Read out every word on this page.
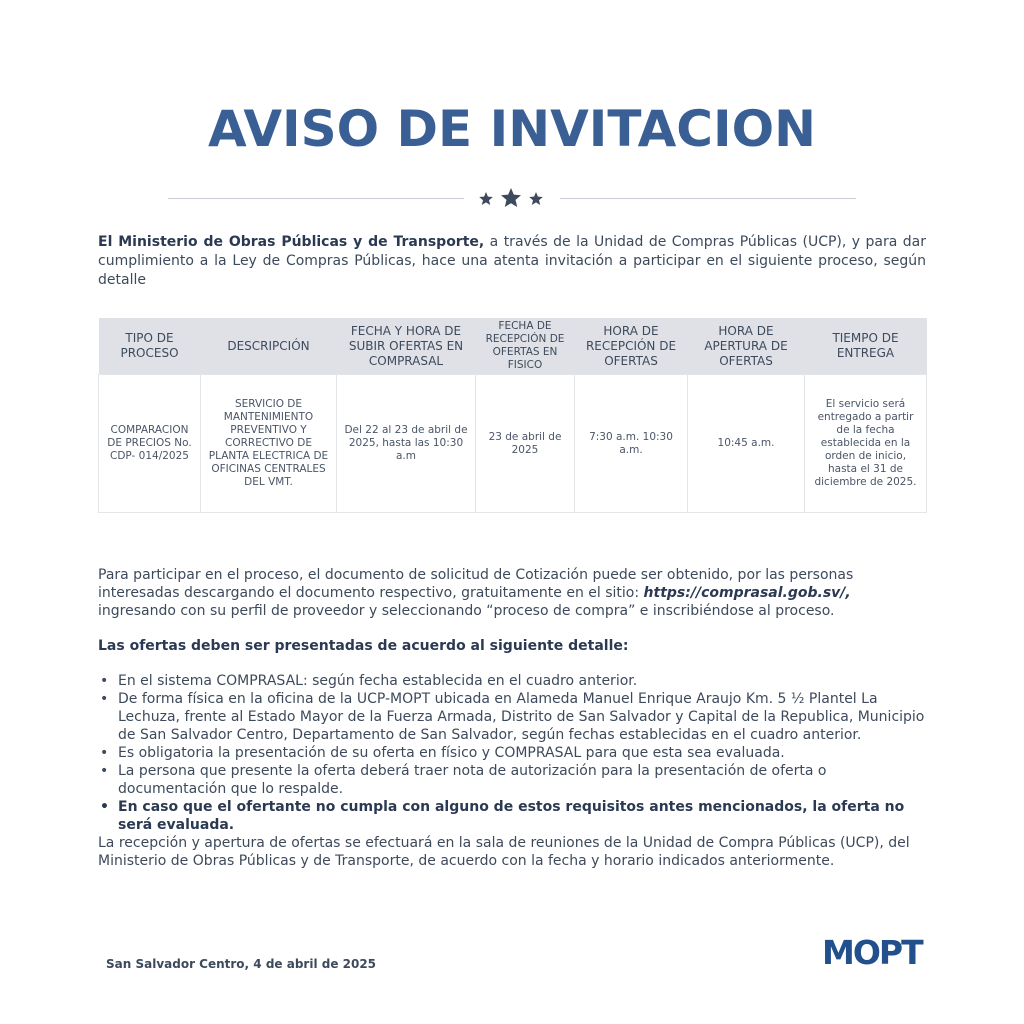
AVISO DE INVITACION
El Ministerio de Obras Públicas y de Transporte, a través de la Unidad de Compras Públicas (UCP), y para dar cumplimiento a la Ley de Compras Públicas, hace una atenta invitación a participar en el siguiente proceso, según detalle
TIPO DE PROCESO	DESCRIPCIÓN	FECHA Y HORA DE SUBIR OFERTAS EN COMPRASAL	FECHA DE RECEPCIÓN DE OFERTAS EN FISICO	HORA DE RECEPCIÓN DE OFERTAS	HORA DE APERTURA DE OFERTAS	TIEMPO DE ENTREGA
COMPARACION DE PRECIOS No. CDP- 014/2025	SERVICIO DE MANTENIMIENTO PREVENTIVO Y CORRECTIVO DE PLANTA ELECTRICA DE OFICINAS CENTRALES DEL VMT.	Del 22 al 23 de abril de 2025, hasta las 10:30 a.m	23 de abril de 2025	7:30 a.m. 10:30 a.m.	10:45 a.m.	El servicio será entregado a partir de la fecha establecida en la orden de inicio, hasta el 31 de diciembre de 2025.
Para participar en el proceso, el documento de solicitud de Cotización puede ser obtenido, por las personas interesadas descargando el documento respectivo, gratuitamente en el sitio: https://comprasal.gob.sv/, ingresando con su perfil de proveedor y seleccionando “proceso de compra” e inscribiéndose al proceso.
Las ofertas deben ser presentadas de acuerdo al siguiente detalle:
• En el sistema COMPRASAL: según fecha establecida en el cuadro anterior.
• De forma física en la oficina de la UCP-MOPT ubicada en Alameda Manuel Enrique Araujo Km. 5 ½ Plantel La Lechuza, frente al Estado Mayor de la Fuerza Armada, Distrito de San Salvador y Capital de la Republica, Municipio de San Salvador Centro, Departamento de San Salvador, según fechas establecidas en el cuadro anterior.
• Es obligatoria la presentación de su oferta en físico y COMPRASAL para que esta sea evaluada.
• La persona que presente la oferta deberá traer nota de autorización para la presentación de oferta o documentación que lo respalde.
• En caso que el ofertante no cumpla con alguno de estos requisitos antes mencionados, la oferta no será evaluada.
La recepción y apertura de ofertas se efectuará en la sala de reuniones de la Unidad de Compra Públicas (UCP), del Ministerio de Obras Públicas y de Transporte, de acuerdo con la fecha y horario indicados anteriormente.
San Salvador Centro, 4 de abril de 2025	MOPT
